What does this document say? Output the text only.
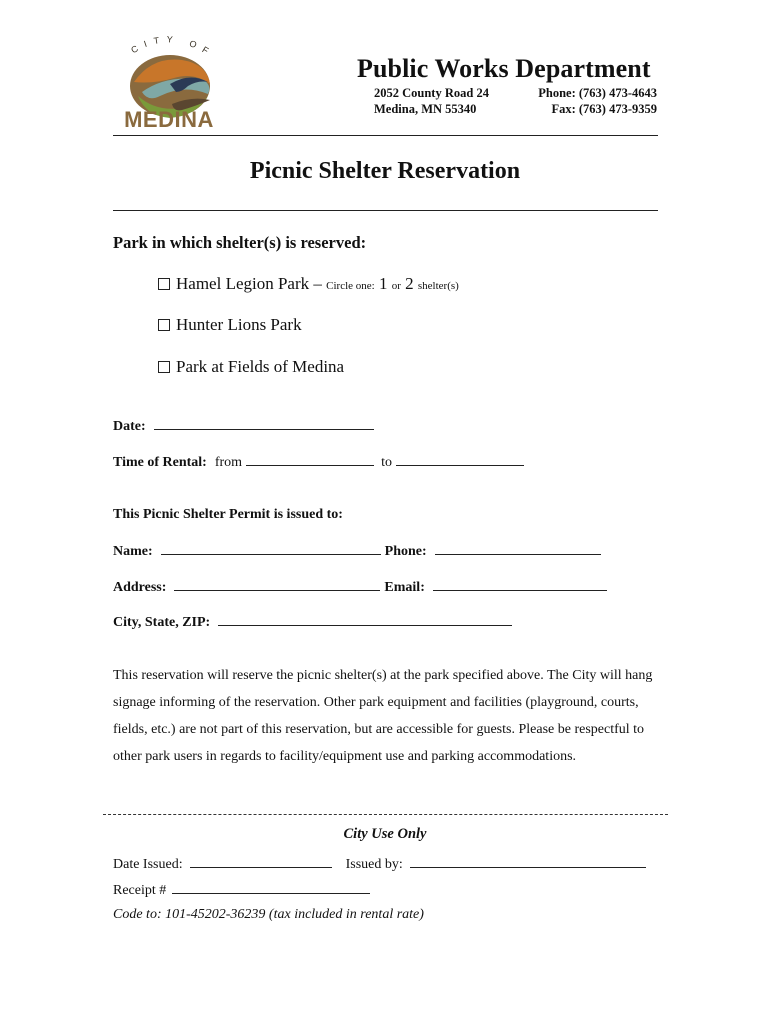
CITY OF
MEDINA
Public Works Department
2052 County Road 24
Medina, MN 55340
Phone: (763) 473-4643
Fax: (763) 473-9359
Picnic Shelter Reservation
Park in which shelter(s) is reserved:
Hamel Legion Park – Circle one: 1 or 2 shelter(s)
Hunter Lions Park
Park at Fields of Medina
Date:
Time of Rental: from	to
This Picnic Shelter Permit is issued to:
Name:	Phone:
Address:	Email:
City, State, ZIP:
This reservation will reserve the picnic shelter(s) at the park specified above. The City will hang signage informing of the reservation. Other park equipment and facilities (playground, courts, fields, etc.) are not part of this reservation, but are accessible for guests. Please be respectful to other park users in regards to facility/equipment use and parking accommodations.
City Use Only
Date Issued:	Issued by:
Receipt #
Code to: 101-45202-36239 (tax included in rental rate)
